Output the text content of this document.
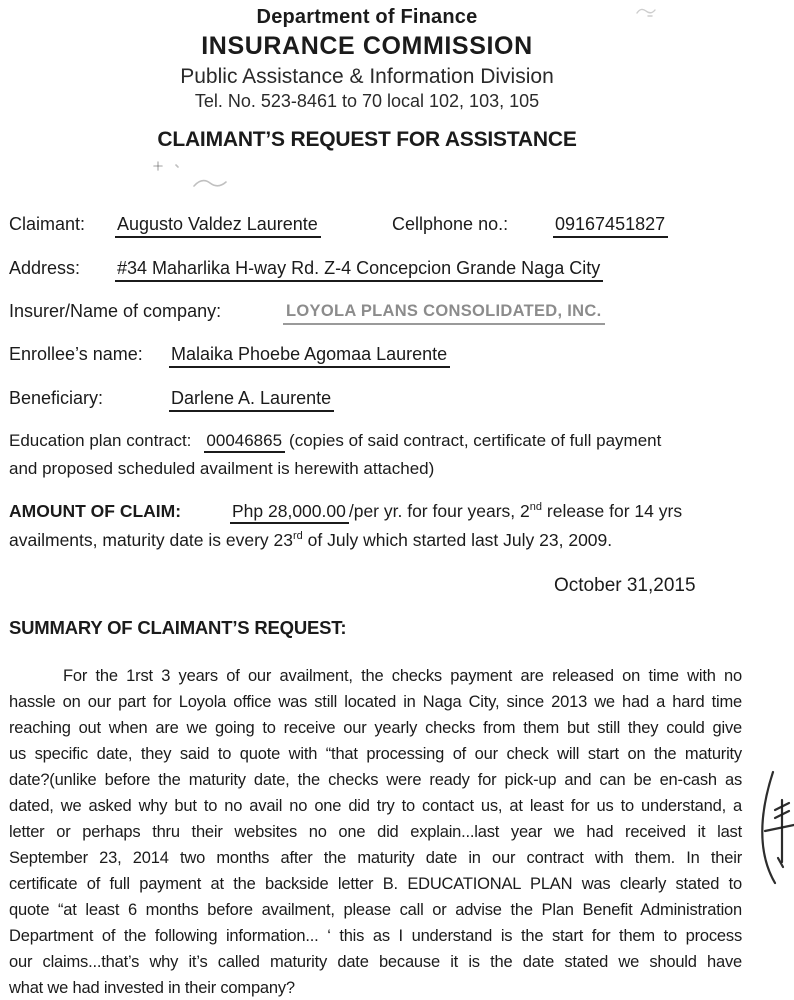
Department of Finance
INSURANCE COMMISSION
Public Assistance & Information Division
Tel. No. 523-8461 to 70 local 102, 103, 105
CLAIMANT’S REQUEST FOR ASSISTANCE
Claimant: Augusto Valdez Laurente	Cellphone no.:	09167451827
Address: #34 Maharlika H-way Rd. Z-4 Concepcion Grande Naga City
Insurer/Name of company:	LOYOLA PLANS CONSOLIDATED, INC.
Enrollee’s name: Malaika Phoebe Agomaa Laurente
Beneficiary:	Darlene A. Laurente
Education plan contract: 00046865 (copies of said contract, certificate of full payment
and proposed scheduled availment is herewith attached)
AMOUNT OF CLAIM:	Php 28,000.00 /per yr. for four years, 2nd release for 14 yrs
availments, maturity date is every 23rd of July which started last July 23, 2009.
October 31,2015
SUMMARY OF CLAIMANT’S REQUEST:
For the 1rst 3 years of our availment, the checks payment are released on time with no
hassle on our part for Loyola office was still located in Naga City, since 2013 we had a hard time
reaching out when are we going to receive our yearly checks from them but still they could give
us specific date, they said to quote with “that processing of our check will start on the maturity
date?(unlike before the maturity date, the checks were ready for pick-up and can be en-cash as
dated, we asked why but to no avail no one did try to contact us, at least for us to understand, a
letter or perhaps thru their websites no one did explain...last year we had received it last
September 23, 2014 two months after the maturity date in our contract with them. In their
certificate of full payment at the backside letter B. EDUCATIONAL PLAN was clearly stated to
quote “at least 6 months before availment, please call or advise the Plan Benefit Administration
Department of the following information... ‘ this as I understand is the start for them to process
our claims...that’s why it’s called maturity date because it is the date stated we should have
what we had invested in their company?
